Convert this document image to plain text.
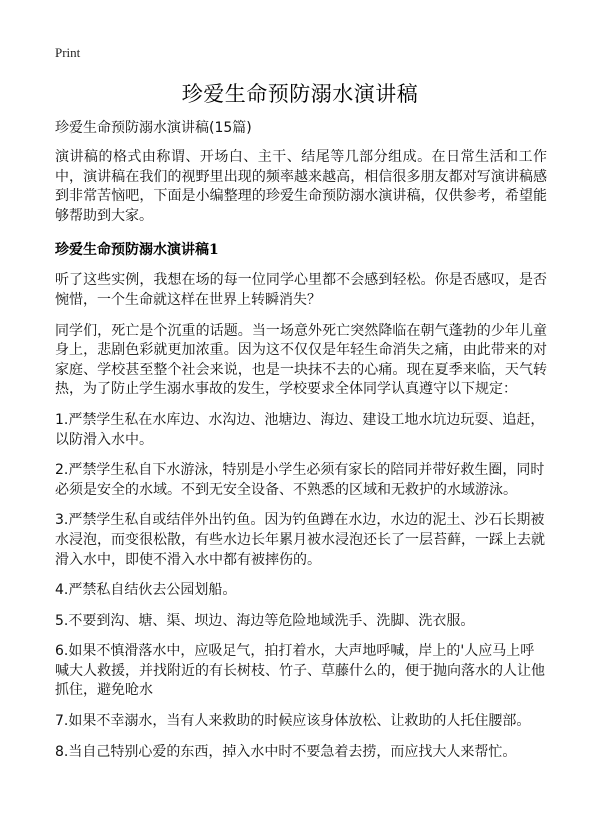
Print

珍爱生命预防溺水演讲稿

珍爱生命预防溺水演讲稿(15篇)

演讲稿的格式由称谓、开场白、主干、结尾等几部分组成。在日常生活和工作中，演讲稿在我们的视野里出现的频率越来越高，相信很多朋友都对写演讲稿感到非常苦恼吧，下面是小编整理的珍爱生命预防溺水演讲稿，仅供参考，希望能够帮助到大家。

珍爱生命预防溺水演讲稿1

听了这些实例，我想在场的每一位同学心里都不会感到轻松。你是否感叹，是否惋惜，一个生命就这样在世界上转瞬消失？

同学们，死亡是个沉重的话题。当一场意外死亡突然降临在朝气蓬勃的少年儿童身上，悲剧色彩就更加浓重。因为这不仅仅是年轻生命消失之痛，由此带来的对家庭、学校甚至整个社会来说，也是一块抹不去的心痛。现在夏季来临，天气转热，为了防止学生溺水事故的发生，学校要求全体同学认真遵守以下规定：

1.严禁学生私在水库边、水沟边、池塘边、海边、建设工地水坑边玩耍、追赶，以防滑入水中。

2.严禁学生私自下水游泳，特别是小学生必须有家长的陪同并带好救生圈，同时必须是安全的水域。不到无安全设备、不熟悉的区域和无救护的水域游泳。

3.严禁学生私自或结伴外出钓鱼。因为钓鱼蹲在水边，水边的泥土、沙石长期被水浸泡，而变很松散，有些水边长年累月被水浸泡还长了一层苔藓，一踩上去就滑入水中，即使不滑入水中都有被摔伤的。

4.严禁私自结伙去公园划船。

5.不要到沟、塘、渠、坝边、海边等危险地域洗手、洗脚、洗衣服。

6.如果不慎滑落水中，应吸足气，拍打着水，大声地呼喊，岸上的'人应马上呼喊大人救援，并找附近的有长树枝、竹子、草藤什么的，便于抛向落水的人让他抓住，避免呛水

7.如果不幸溺水，当有人来救助的时候应该身体放松、让救助的人托住腰部。

8.当自己特别心爱的东西，掉入水中时不要急着去捞，而应找大人来帮忙。
